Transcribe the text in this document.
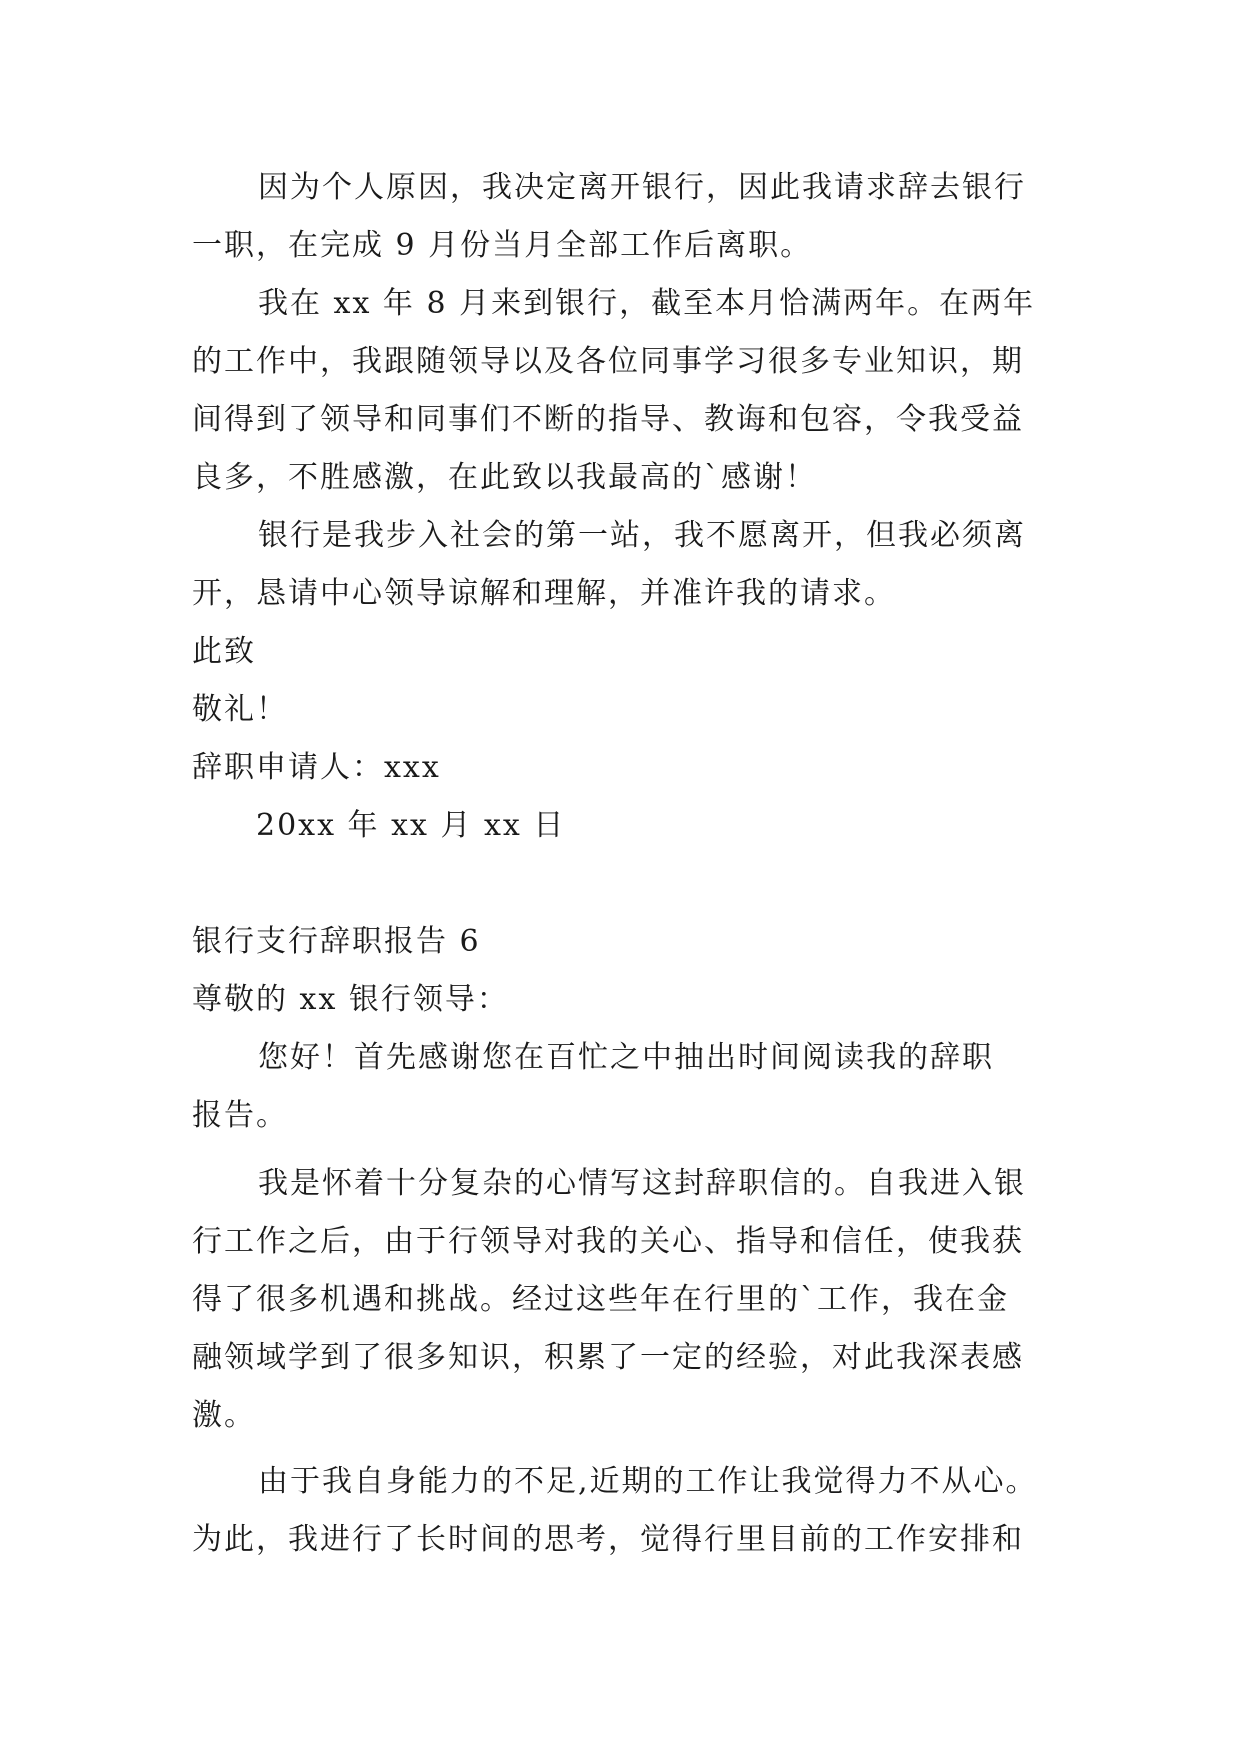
因为个人原因，我决定离开银行，因此我请求辞去银行
一职，在完成 9 月份当月全部工作后离职。
我在 xx 年 8 月来到银行，截至本月恰满两年。在两年
的工作中，我跟随领导以及各位同事学习很多专业知识，期
间得到了领导和同事们不断的指导、教诲和包容，令我受益
良多，不胜感激，在此致以我最高的`感谢！
银行是我步入社会的第一站，我不愿离开，但我必须离
开，恳请中心领导谅解和理解，并准许我的请求。
此致
敬礼！
辞职申请人：xxx
20xx 年 xx 月 xx 日
银行支行辞职报告 6
尊敬的 xx 银行领导：
您好！首先感谢您在百忙之中抽出时间阅读我的辞职
报告。
我是怀着十分复杂的心情写这封辞职信的。自我进入银
行工作之后，由于行领导对我的关心、指导和信任，使我获
得了很多机遇和挑战。经过这些年在行里的`工作，我在金
融领域学到了很多知识，积累了一定的经验，对此我深表感
激。
由于我自身能力的不足,近期的工作让我觉得力不从心。
为此，我进行了长时间的思考，觉得行里目前的工作安排和
